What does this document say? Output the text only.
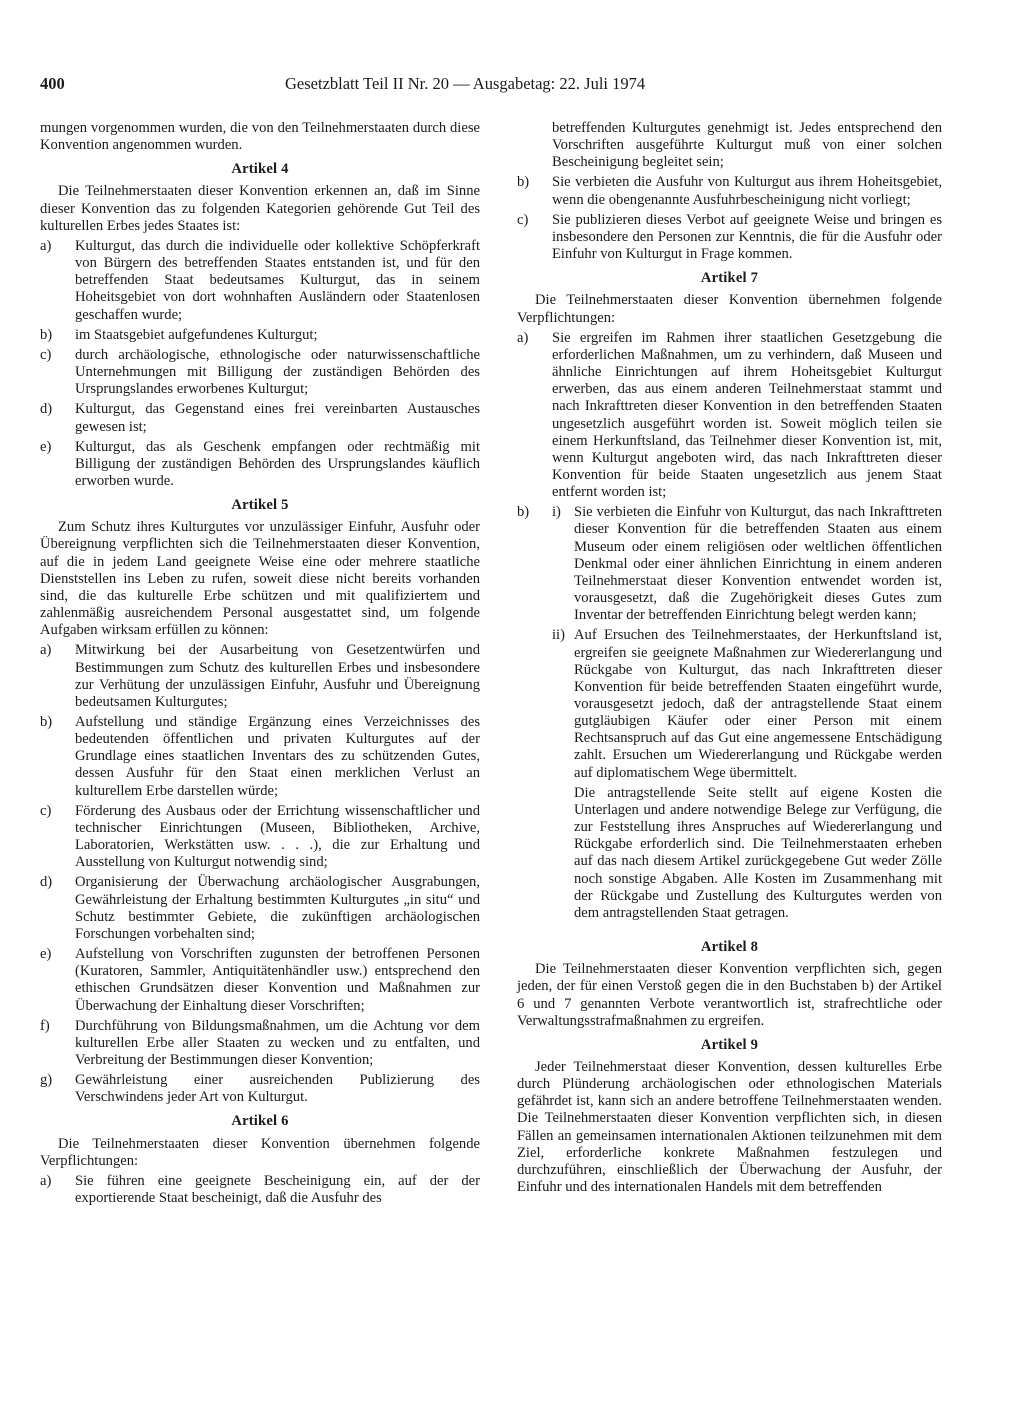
400	Gesetzblatt Teil II Nr. 20 — Ausgabetag: 22. Juli 1974

mungen vorgenommen wurden, die von den Teilnehmerstaaten durch diese Konvention angenommen wurden.

Artikel 4

Die Teilnehmerstaaten dieser Konvention erkennen an, daß im Sinne dieser Konvention das zu folgenden Kategorien gehörende Gut Teil des kulturellen Erbes jedes Staates ist:

a)	Kulturgut, das durch die individuelle oder kollektive Schöpferkraft von Bürgern des betreffenden Staates entstanden ist, und für den betreffenden Staat bedeutsames Kulturgut, das in seinem Hoheitsgebiet von dort wohnhaften Ausländern oder Staatenlosen geschaffen wurde;
b)	im Staatsgebiet aufgefundenes Kulturgut;
c)	durch archäologische, ethnologische oder naturwissenschaftliche Unternehmungen mit Billigung der zuständigen Behörden des Ursprungslandes erworbenes Kulturgut;
d)	Kulturgut, das Gegenstand eines frei vereinbarten Austausches gewesen ist;
e)	Kulturgut, das als Geschenk empfangen oder rechtmäßig mit Billigung der zuständigen Behörden des Ursprungslandes käuflich erworben wurde.
Artikel 5

Zum Schutz ihres Kulturgutes vor unzulässiger Einfuhr, Ausfuhr oder Übereignung verpflichten sich die Teilnehmerstaaten dieser Konvention, auf die in jedem Land geeignete Weise eine oder mehrere staatliche Dienststellen ins Leben zu rufen, soweit diese nicht bereits vorhanden sind, die das kulturelle Erbe schützen und mit qualifiziertem und zahlenmäßig ausreichendem Personal ausgestattet sind, um folgende Aufgaben wirksam erfüllen zu können:

a)	Mitwirkung bei der Ausarbeitung von Gesetzentwürfen und Bestimmungen zum Schutz des kulturellen Erbes und insbesondere zur Verhütung der unzulässigen Einfuhr, Ausfuhr und Übereignung bedeutsamen Kulturgutes;
b)	Aufstellung und ständige Ergänzung eines Verzeichnisses des bedeutenden öffentlichen und privaten Kulturgutes auf der Grundlage eines staatlichen Inventars des zu schützenden Gutes, dessen Ausfuhr für den Staat einen merklichen Verlust an kulturellem Erbe darstellen würde;
c)	Förderung des Ausbaus oder der Errichtung wissenschaftlicher und technischer Einrichtungen (Museen, Bibliotheken, Archive, Laboratorien, Werkstätten usw. . . .), die zur Erhaltung und Ausstellung von Kulturgut notwendig sind;
d)	Organisierung der Überwachung archäologischer Ausgrabungen, Gewährleistung der Erhaltung bestimmten Kulturgutes „in situ“ und Schutz bestimmter Gebiete, die zukünftigen archäologischen Forschungen vorbehalten sind;
e)	Aufstellung von Vorschriften zugunsten der betroffenen Personen (Kuratoren, Sammler, Antiquitätenhändler usw.) entsprechend den ethischen Grundsätzen dieser Konvention und Maßnahmen zur Überwachung der Einhaltung dieser Vorschriften;
f)	Durchführung von Bildungsmaßnahmen, um die Achtung vor dem kulturellen Erbe aller Staaten zu wecken und zu entfalten, und Verbreitung der Bestimmungen dieser Konvention;
g)	Gewährleistung einer ausreichenden Publizierung des Verschwindens jeder Art von Kulturgut.
Artikel 6

Die Teilnehmerstaaten dieser Konvention übernehmen folgende Verpflichtungen:

a)	Sie führen eine geeignete Bescheinigung ein, auf der der exportierende Staat bescheinigt, daß die Ausfuhr des

betreffenden Kulturgutes genehmigt ist. Jedes entsprechend den Vorschriften ausgeführte Kulturgut muß von einer solchen Bescheinigung begleitet sein;

b)	Sie verbieten die Ausfuhr von Kulturgut aus ihrem Hoheitsgebiet, wenn die obengenannte Ausfuhrbescheinigung nicht vorliegt;
c)	Sie publizieren dieses Verbot auf geeignete Weise und bringen es insbesondere den Personen zur Kenntnis, die für die Ausfuhr oder Einfuhr von Kulturgut in Frage kommen.
Artikel 7

Die Teilnehmerstaaten dieser Konvention übernehmen folgende Verpflichtungen:

a)	Sie ergreifen im Rahmen ihrer staatlichen Gesetzgebung die erforderlichen Maßnahmen, um zu verhindern, daß Museen und ähnliche Einrichtungen auf ihrem Hoheitsgebiet Kulturgut erwerben, das aus einem anderen Teilnehmerstaat stammt und nach Inkrafttreten dieser Konvention in den betreffenden Staaten ungesetzlich ausgeführt worden ist. Soweit möglich teilen sie einem Herkunftsland, das Teilnehmer dieser Konvention ist, mit, wenn Kulturgut angeboten wird, das nach Inkrafttreten dieser Konvention für beide Staaten ungesetzlich aus jenem Staat entfernt worden ist;
b)	i) Sie verbieten die Einfuhr von Kulturgut, das nach Inkrafttreten dieser Konvention für die betreffenden Staaten aus einem Museum oder einem religiösen oder weltlichen öffentlichen Denkmal oder einer ähnlichen Einrichtung in einem anderen Teilnehmerstaat dieser Konvention entwendet worden ist, vorausgesetzt, daß die Zugehörigkeit dieses Gutes zum Inventar der betreffenden Einrichtung belegt werden kann;
ii) Auf Ersuchen des Teilnehmerstaates, der Herkunftsland ist, ergreifen sie geeignete Maßnahmen zur Wiedererlangung und Rückgabe von Kulturgut, das nach Inkrafttreten dieser Konvention für beide betreffenden Staaten eingeführt wurde, vorausgesetzt jedoch, daß der antragstellende Staat einem gutgläubigen Käufer oder einer Person mit einem Rechtsanspruch auf das Gut eine angemessene Entschädigung zahlt. Ersuchen um Wiedererlangung und Rückgabe werden auf diplomatischem Wege übermittelt.

Die antragstellende Seite stellt auf eigene Kosten die Unterlagen und andere notwendige Belege zur Verfügung, die zur Feststellung ihres Anspruches auf Wiedererlangung und Rückgabe erforderlich sind. Die Teilnehmerstaaten erheben auf das nach diesem Artikel zurückgegebene Gut weder Zölle noch sonstige Abgaben. Alle Kosten im Zusammenhang mit der Rückgabe und Zustellung des Kulturgutes werden von dem antragstellenden Staat getragen.

Artikel 8

Die Teilnehmerstaaten dieser Konvention verpflichten sich, gegen jeden, der für einen Verstoß gegen die in den Buchstaben b) der Artikel 6 und 7 genannten Verbote verantwortlich ist, strafrechtliche oder Verwaltungsstrafmaßnahmen zu ergreifen.

Artikel 9

Jeder Teilnehmerstaat dieser Konvention, dessen kulturelles Erbe durch Plünderung archäologischen oder ethnologischen Materials gefährdet ist, kann sich an andere betroffene Teilnehmerstaaten wenden. Die Teilnehmerstaaten dieser Konvention verpflichten sich, in diesen Fällen an gemeinsamen internationalen Aktionen teilzunehmen mit dem Ziel, erforderliche konkrete Maßnahmen festzulegen und durchzuführen, einschließlich der Überwachung der Ausfuhr, der Einfuhr und des internationalen Handels mit dem betreffenden
